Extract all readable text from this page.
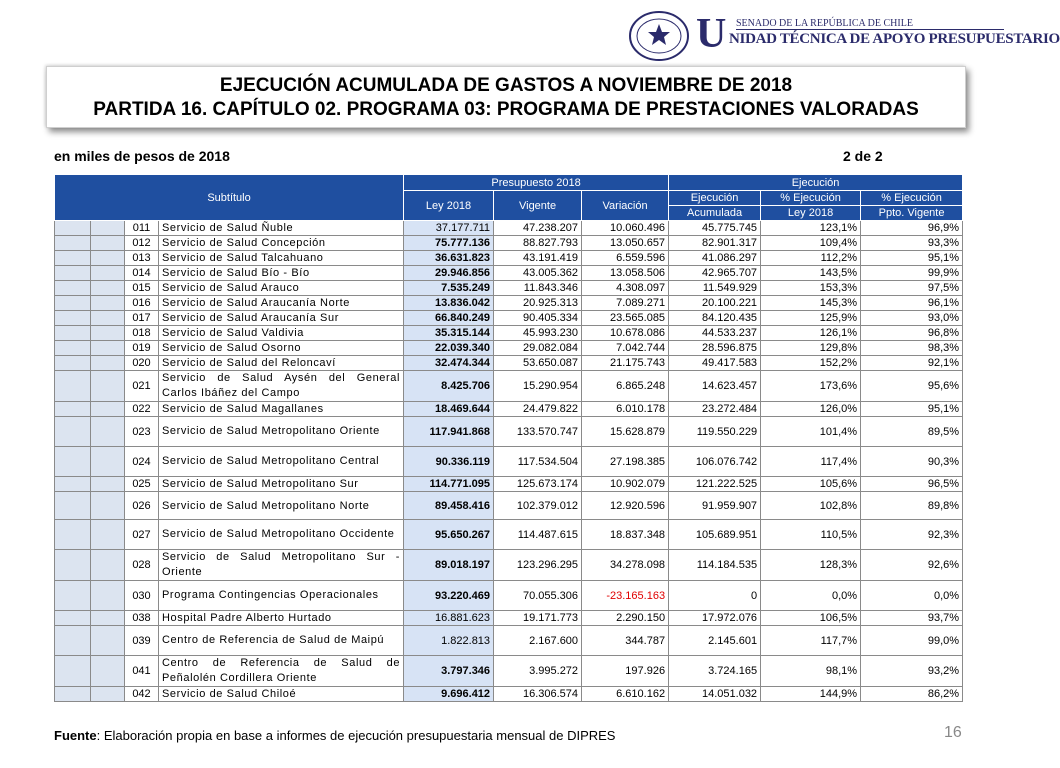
U SENADO DE LA REPÚBLICA DE CHILE
NIDAD TÉCNICA DE APOYO PRESUPUESTARIO
EJECUCIÓN ACUMULADA DE GASTOS A NOVIEMBRE DE 2018
PARTIDA 16. CAPÍTULO 02. PROGRAMA 03: PROGRAMA DE PRESTACIONES VALORADAS
en miles de pesos de 2018	2 de 2
Subtítulo				Presupuesto 2018			Ejecución		
				Ley 2018	Vigente	Variación	Ejecución	% Ejecución	% Ejecución
							Acumulada	Ley 2018	Ppto. Vigente
		011	Servicio de Salud Ñuble	37.177.711	47.238.207	10.060.496	45.775.745	123,1%	96,9%
		012	Servicio de Salud Concepción	75.777.136	88.827.793	13.050.657	82.901.317	109,4%	93,3%
		013	Servicio de Salud Talcahuano	36.631.823	43.191.419	6.559.596	41.086.297	112,2%	95,1%
		014	Servicio de Salud Bío - Bío	29.946.856	43.005.362	13.058.506	42.965.707	143,5%	99,9%
		015	Servicio de Salud Arauco	7.535.249	11.843.346	4.308.097	11.549.929	153,3%	97,5%
		016	Servicio de Salud Araucanía Norte	13.836.042	20.925.313	7.089.271	20.100.221	145,3%	96,1%
		017	Servicio de Salud Araucanía Sur	66.840.249	90.405.334	23.565.085	84.120.435	125,9%	93,0%
		018	Servicio de Salud Valdivia	35.315.144	45.993.230	10.678.086	44.533.237	126,1%	96,8%
		019	Servicio de Salud Osorno	22.039.340	29.082.084	7.042.744	28.596.875	129,8%	98,3%
		020	Servicio de Salud del Reloncaví	32.474.344	53.650.087	21.175.743	49.417.583	152,2%	92,1%
		021	Servicio de Salud Aysén del General Carlos Ibáñez del Campo	8.425.706	15.290.954	6.865.248	14.623.457	173,6%	95,6%
		022	Servicio de Salud Magallanes	18.469.644	24.479.822	6.010.178	23.272.484	126,0%	95,1%
		023	Servicio de Salud Metropolitano Oriente	117.941.868	133.570.747	15.628.879	119.550.229	101,4%	89,5%
		024	Servicio de Salud Metropolitano Central	90.336.119	117.534.504	27.198.385	106.076.742	117,4%	90,3%
		025	Servicio de Salud Metropolitano Sur	114.771.095	125.673.174	10.902.079	121.222.525	105,6%	96,5%
		026	Servicio de Salud Metropolitano Norte	89.458.416	102.379.012	12.920.596	91.959.907	102,8%	89,8%
		027	Servicio de Salud Metropolitano Occidente	95.650.267	114.487.615	18.837.348	105.689.951	110,5%	92,3%
		028	Servicio de Salud Metropolitano Sur - Oriente	89.018.197	123.296.295	34.278.098	114.184.535	128,3%	92,6%
		030	Programa Contingencias Operacionales	93.220.469	70.055.306	-23.165.163	0	0,0%	0,0%
		038	Hospital Padre Alberto Hurtado	16.881.623	19.171.773	2.290.150	17.972.076	106,5%	93,7%
		039	Centro de Referencia de Salud de Maipú	1.822.813	2.167.600	344.787	2.145.601	117,7%	99,0%
		041	Centro de Referencia de Salud de Peñalolén Cordillera Oriente	3.797.346	3.995.272	197.926	3.724.165	98,1%	93,2%
		042	Servicio de Salud Chiloé	9.696.412	16.306.574	6.610.162	14.051.032	144,9%	86,2%
Fuente: Elaboración propia en base a informes de ejecución presupuestaria mensual de DIPRES	16
